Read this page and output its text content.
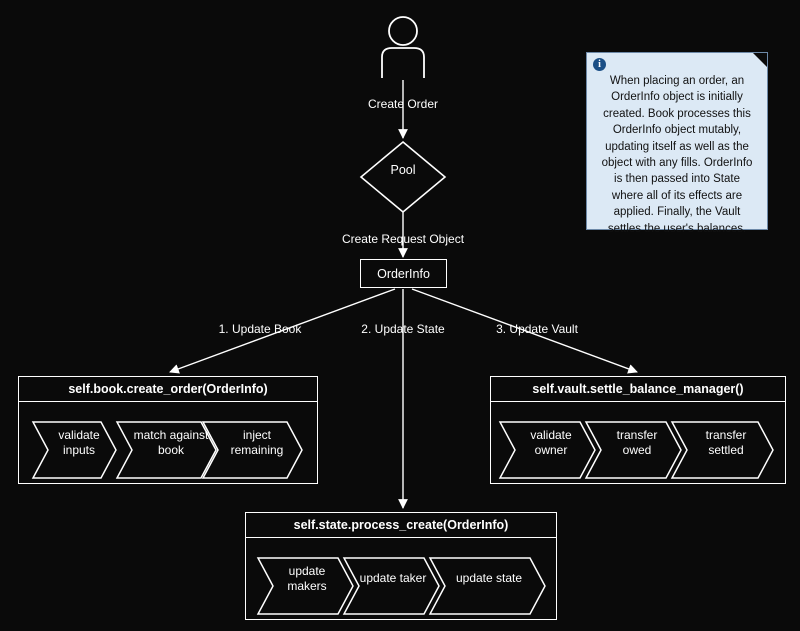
i
When placing an order, an OrderInfo object is initially created. Book processes this OrderInfo object mutably, updating itself as well as the object with any fills. OrderInfo is then passed into State where all of its effects are applied. Finally, the Vault settles the user's balances.
Pool
OrderInfo
Create Order
Create Request Object
1. Update Book	2. Update State	3. Update Vault
self.book.create_order(OrderInfo)
validate inputs
match against book
inject remaining
self.vault.settle_balance_manager()
validate owner
transfer owed
transfer settled
self.state.process_create(OrderInfo)
update makers
update taker	update state
